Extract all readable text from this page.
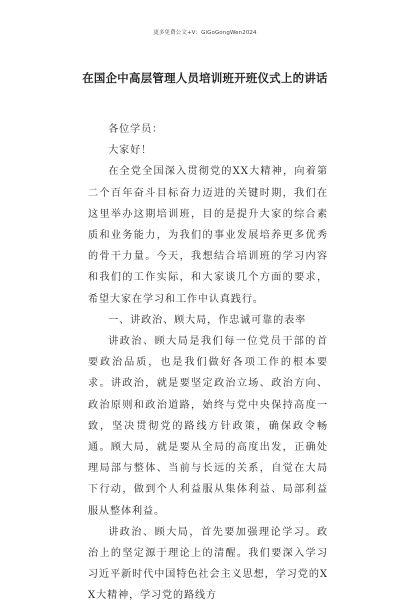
更多免费公文+V：GiGoGongWen2024
在国企中高层管理人员培训班开班仪式上的讲话

各位学员：

大家好！

在全党全国深入贯彻党的XX大精神，向着第二个百年奋斗目标奋力迈进的关键时期，我们在这里举办这期培训班，目的是提升大家的综合素质和业务能力，为我们的事业发展培养更多优秀的骨干力量。今天，我想结合培训班的学习内容和我们的工作实际，和大家谈几个方面的要求，希望大家在学习和工作中认真践行。

一、讲政治、顾大局，作忠诚可靠的表率

讲政治、顾大局是我们每一位党员干部的首要政治品质，也是我们做好各项工作的根本要求。讲政治，就是要坚定政治立场、政治方向、政治原则和政治道路，始终与党中央保持高度一致，坚决贯彻党的路线方针政策，确保政令畅通。顾大局，就是要从全局的高度出发，正确处理局部与整体、当前与长远的关系，自觉在大局下行动，做到个人利益服从集体利益、局部利益服从整体利益。

讲政治、顾大局，首先要加强理论学习。政治上的坚定源于理论上的清醒。我们要深入学习习近平新时代中国特色社会主义思想，学习党的XX大精神，学习党的路线方
